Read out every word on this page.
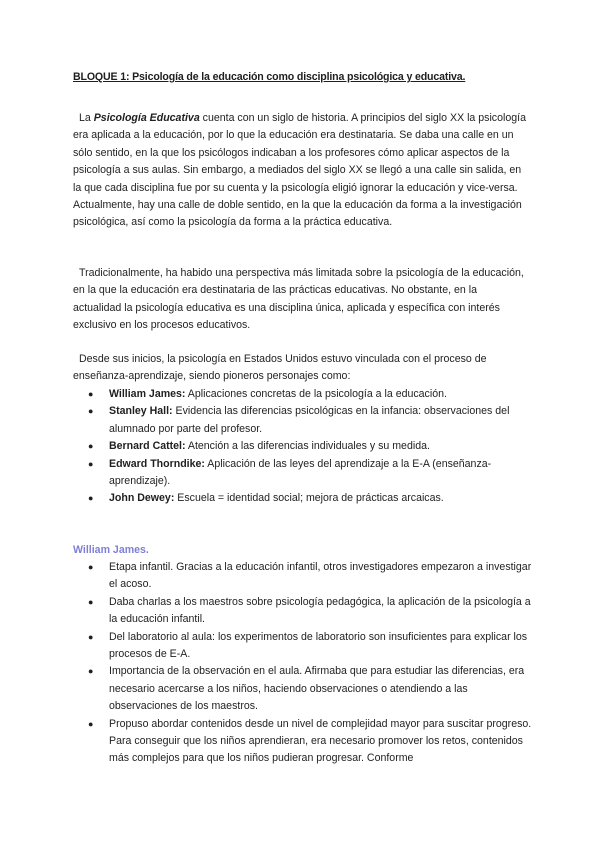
BLOQUE 1: Psicología de la educación como disciplina psicológica y educativa.

La Psicología Educativa cuenta con un siglo de historia. A principios del siglo XX la psicología era aplicada a la educación, por lo que la educación era destinataria. Se daba una calle en un sólo sentido, en la que los psicólogos indicaban a los profesores cómo aplicar aspectos de la psicología a sus aulas. Sin embargo, a mediados del siglo XX se llegó a una calle sin salida, en la que cada disciplina fue por su cuenta y la psicología eligió ignorar la educación y vice-versa. Actualmente, hay una calle de doble sentido, en la que la educación da forma a la investigación psicológica, así como la psicología da forma a la práctica educativa.

Tradicionalmente, ha habido una perspectiva más limitada sobre la psicología de la educación, en la que la educación era destinataria de las prácticas educativas. No obstante, en la actualidad la psicología educativa es una disciplina única, aplicada y específica con interés exclusivo en los procesos educativos.

Desde sus inicios, la psicología en Estados Unidos estuvo vinculada con el proceso de enseñanza-aprendizaje, siendo pioneros personajes como:

● William James: Aplicaciones concretas de la psicología a la educación.
● Stanley Hall: Evidencia las diferencias psicológicas en la infancia: observaciones del alumnado por parte del profesor.
● Bernard Cattel: Atención a las diferencias individuales y su medida.
● Edward Thorndike: Aplicación de las leyes del aprendizaje a la E-A (enseñanza-aprendizaje).
● John Dewey: Escuela = identidad social; mejora de prácticas arcaicas.
William James.
● Etapa infantil. Gracias a la educación infantil, otros investigadores empezaron a investigar el acoso.
● Daba charlas a los maestros sobre psicología pedagógica, la aplicación de la psicología a la educación infantil.
● Del laboratorio al aula: los experimentos de laboratorio son insuficientes para explicar los procesos de E-A.
● Importancia de la observación en el aula. Afirmaba que para estudiar las diferencias, era necesario acercarse a los niños, haciendo observaciones o atendiendo a las observaciones de los maestros.
● Propuso abordar contenidos desde un nivel de complejidad mayor para suscitar progreso. Para conseguir que los niños aprendieran, era necesario promover los retos, contenidos más complejos para que los niños pudieran progresar. Conforme
